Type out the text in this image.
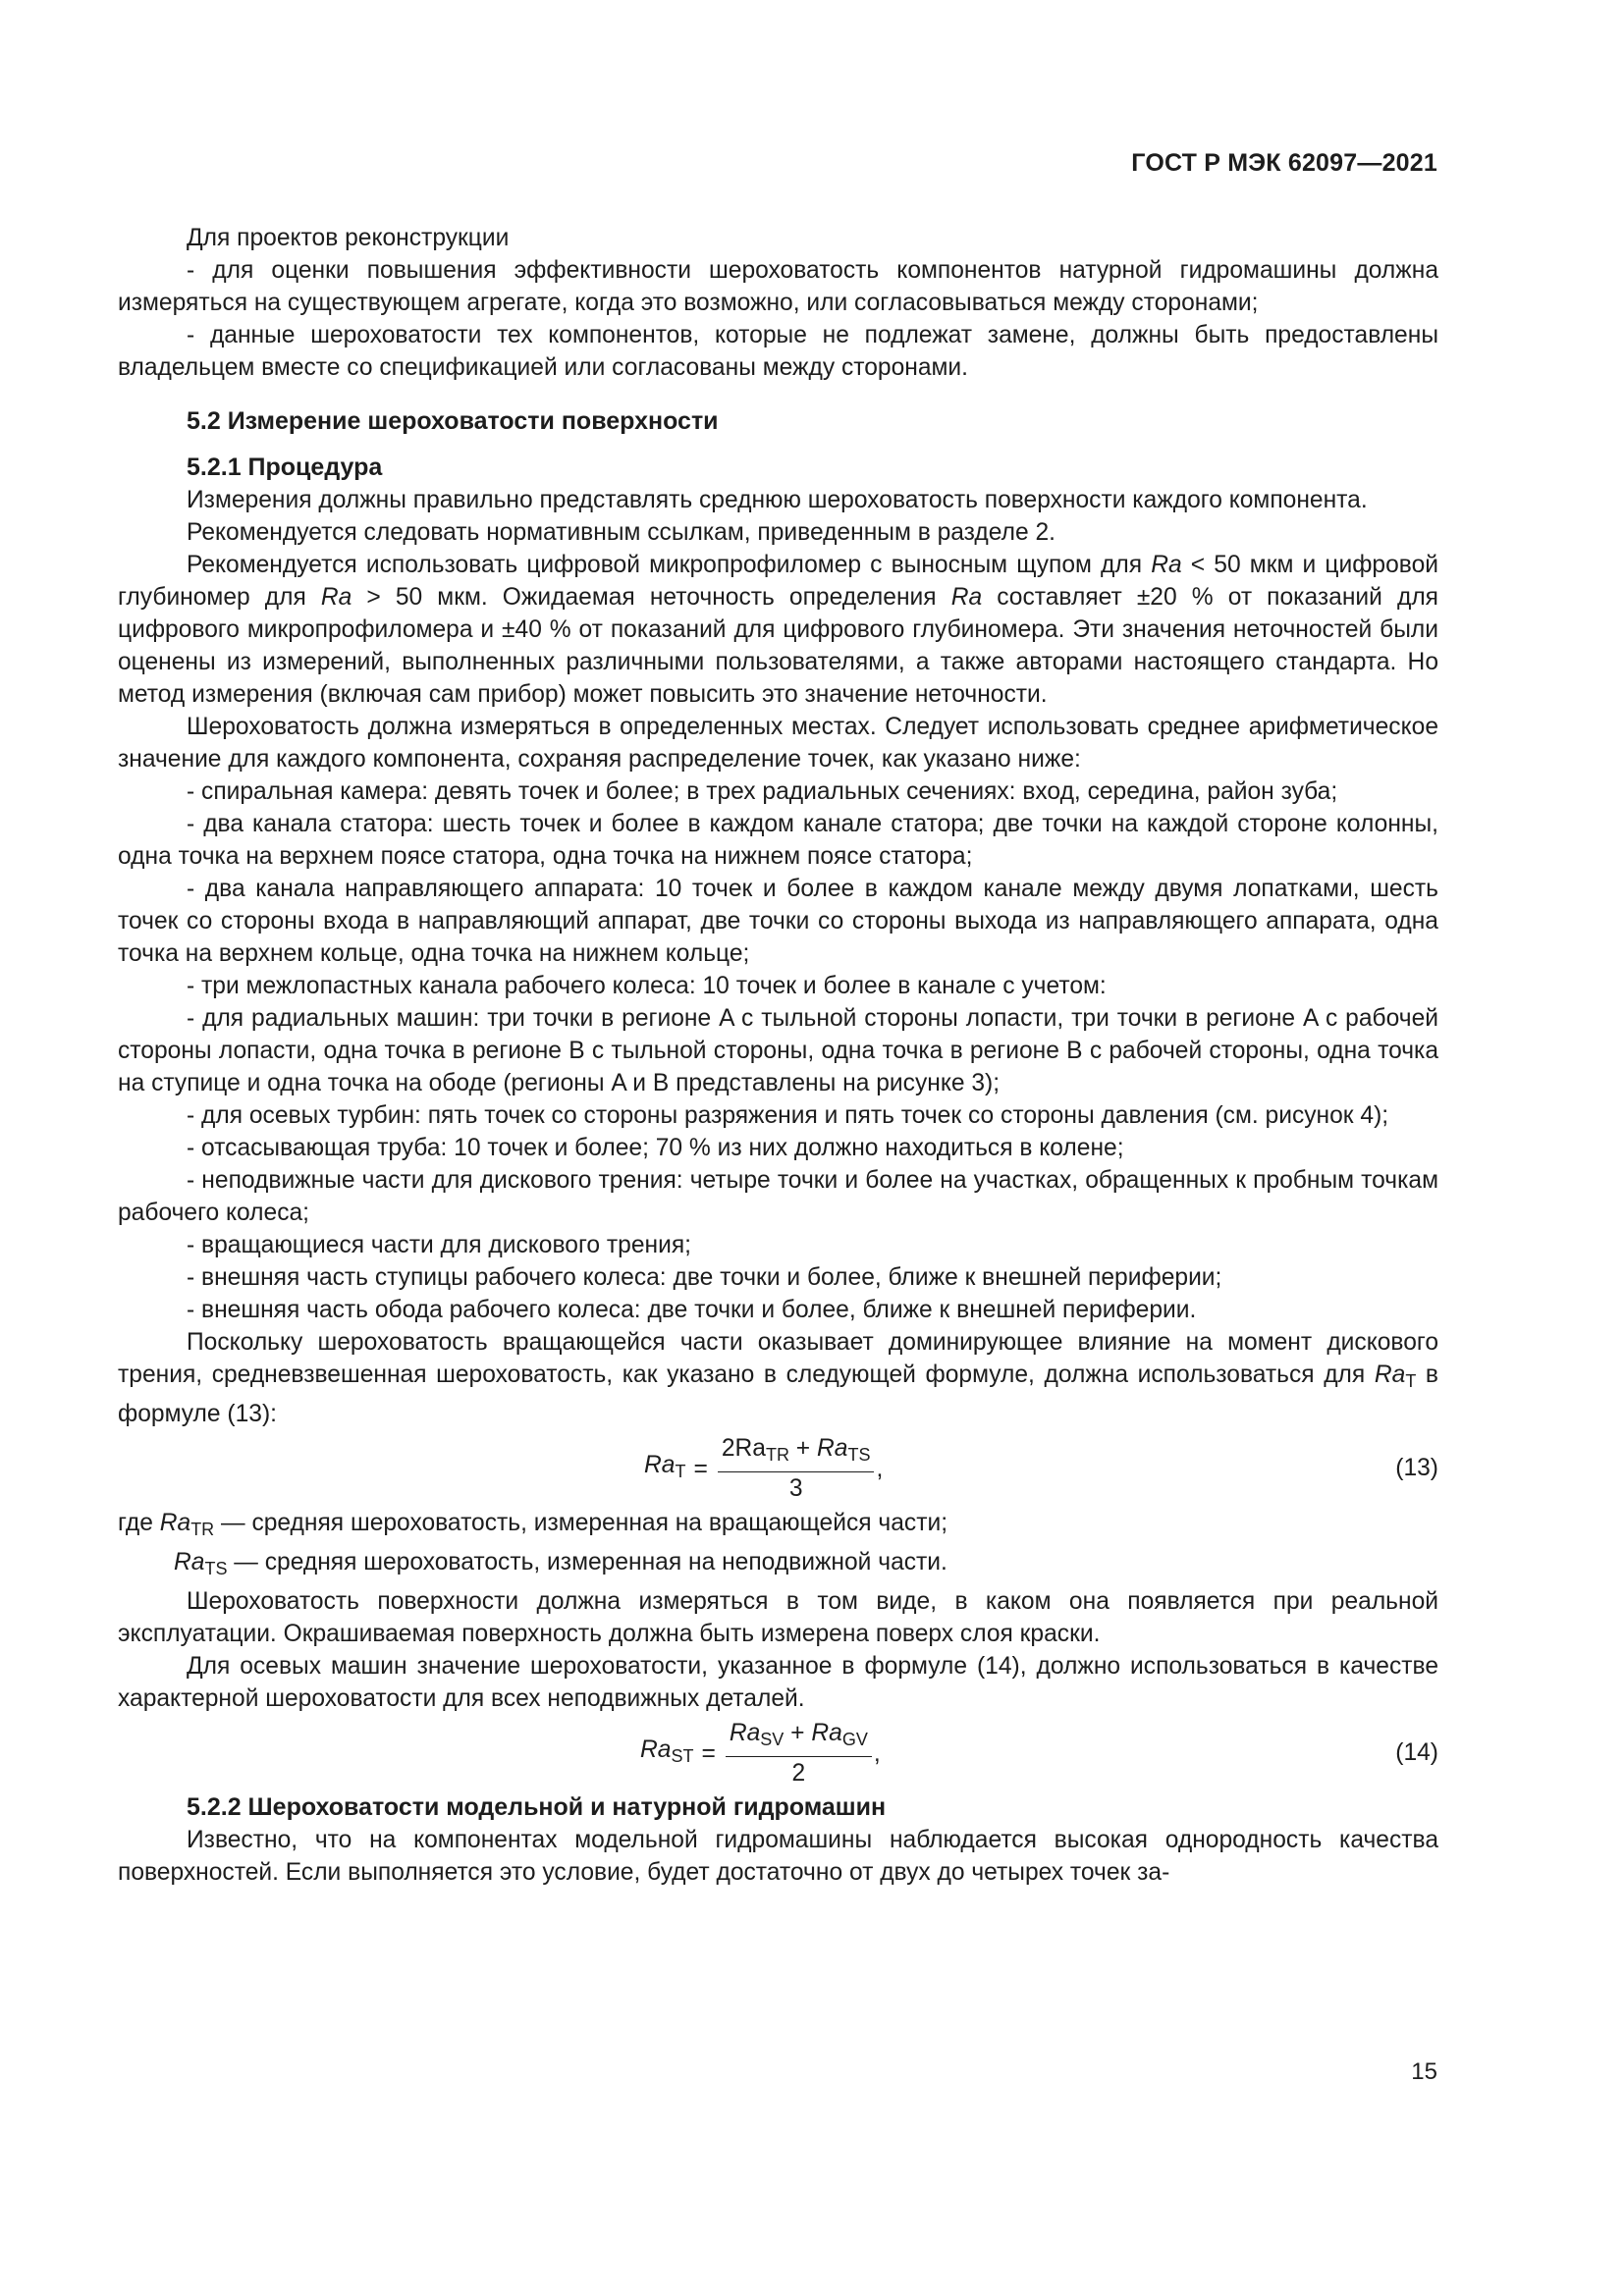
ГОСТ Р МЭК 62097—2021

Для проектов реконструкции

- для оценки повышения эффективности шероховатость компонентов натурной гидромашины должна измеряться на существующем агрегате, когда это возможно, или согласовываться между сторонами;

- данные шероховатости тех компонентов, которые не подлежат замене, должны быть предоставлены владельцем вместе со спецификацией или согласованы между сторонами.

5.2 Измерение шероховатости поверхности
5.2.1 Процедура

Измерения должны правильно представлять среднюю шероховатость поверхности каждого компонента.

Рекомендуется следовать нормативным ссылкам, приведенным в разделе 2.

Рекомендуется использовать цифровой микропрофиломер с выносным щупом для Ra < 50 мкм и цифровой глубиномер для Ra > 50 мкм. Ожидаемая неточность определения Ra составляет ±20 % от показаний для цифрового микропрофиломера и ±40 % от показаний для цифрового глубиномера. Эти значения неточностей были оценены из измерений, выполненных различными пользователями, а также авторами настоящего стандарта. Но метод измерения (включая сам прибор) может повысить это значение неточности.

Шероховатость должна измеряться в определенных местах. Следует использовать среднее арифметическое значение для каждого компонента, сохраняя распределение точек, как указано ниже:

- спиральная камера: девять точек и более; в трех радиальных сечениях: вход, середина, район зуба;

- два канала статора: шесть точек и более в каждом канале статора; две точки на каждой стороне колонны, одна точка на верхнем поясе статора, одна точка на нижнем поясе статора;

- два канала направляющего аппарата: 10 точек и более в каждом канале между двумя лопатками, шесть точек со стороны входа в направляющий аппарат, две точки со стороны выхода из направляющего аппарата, одна точка на верхнем кольце, одна точка на нижнем кольце;

- три межлопастных канала рабочего колеса: 10 точек и более в канале с учетом:

- для радиальных машин: три точки в регионе A с тыльной стороны лопасти, три точки в регионе A с рабочей стороны лопасти, одна точка в регионе B с тыльной стороны, одна точка в регионе B с рабочей стороны, одна точка на ступице и одна точка на ободе (регионы A и B представлены на рисунке 3);

- для осевых турбин: пять точек со стороны разряжения и пять точек со стороны давления (см. рисунок 4);

- отсасывающая труба: 10 точек и более; 70 % из них должно находиться в колене;

- неподвижные части для дискового трения: четыре точки и более на участках, обращенных к пробным точкам рабочего колеса;

- вращающиеся части для дискового трения;

- внешняя часть ступицы рабочего колеса: две точки и более, ближе к внешней периферии;

- внешняя часть обода рабочего колеса: две точки и более, ближе к внешней периферии.

Поскольку шероховатость вращающейся части оказывает доминирующее влияние на момент дискового трения, средневзвешенная шероховатость, как указано в следующей формуле, должна использоваться для $Ra_T$ в формуле (13):

$Ra_T = \frac{2Ra_{TR} + Ra_{TS}}{3}$ ,	(13)

где $Ra_{TR}$ — средняя шероховатость, измеренная на вращающейся части;

$Ra_{TS}$ — средняя шероховатость, измеренная на неподвижной части.

Шероховатость поверхности должна измеряться в том виде, в каком она появляется при реальной эксплуатации. Окрашиваемая поверхность должна быть измерена поверх слоя краски.

Для осевых машин значение шероховатости, указанное в формуле (14), должно использоваться в качестве характерной шероховатости для всех неподвижных деталей.

$Ra_{ST} = \frac{Ra_{SV} + Ra_{GV}}{2}$ ,	(14)
5.2.2 Шероховатости модельной и натурной гидромашин

Известно, что на компонентах модельной гидромашины наблюдается высокая однородность качества поверхностей. Если выполняется это условие, будет достаточно от двух до четырех точек за-

15
